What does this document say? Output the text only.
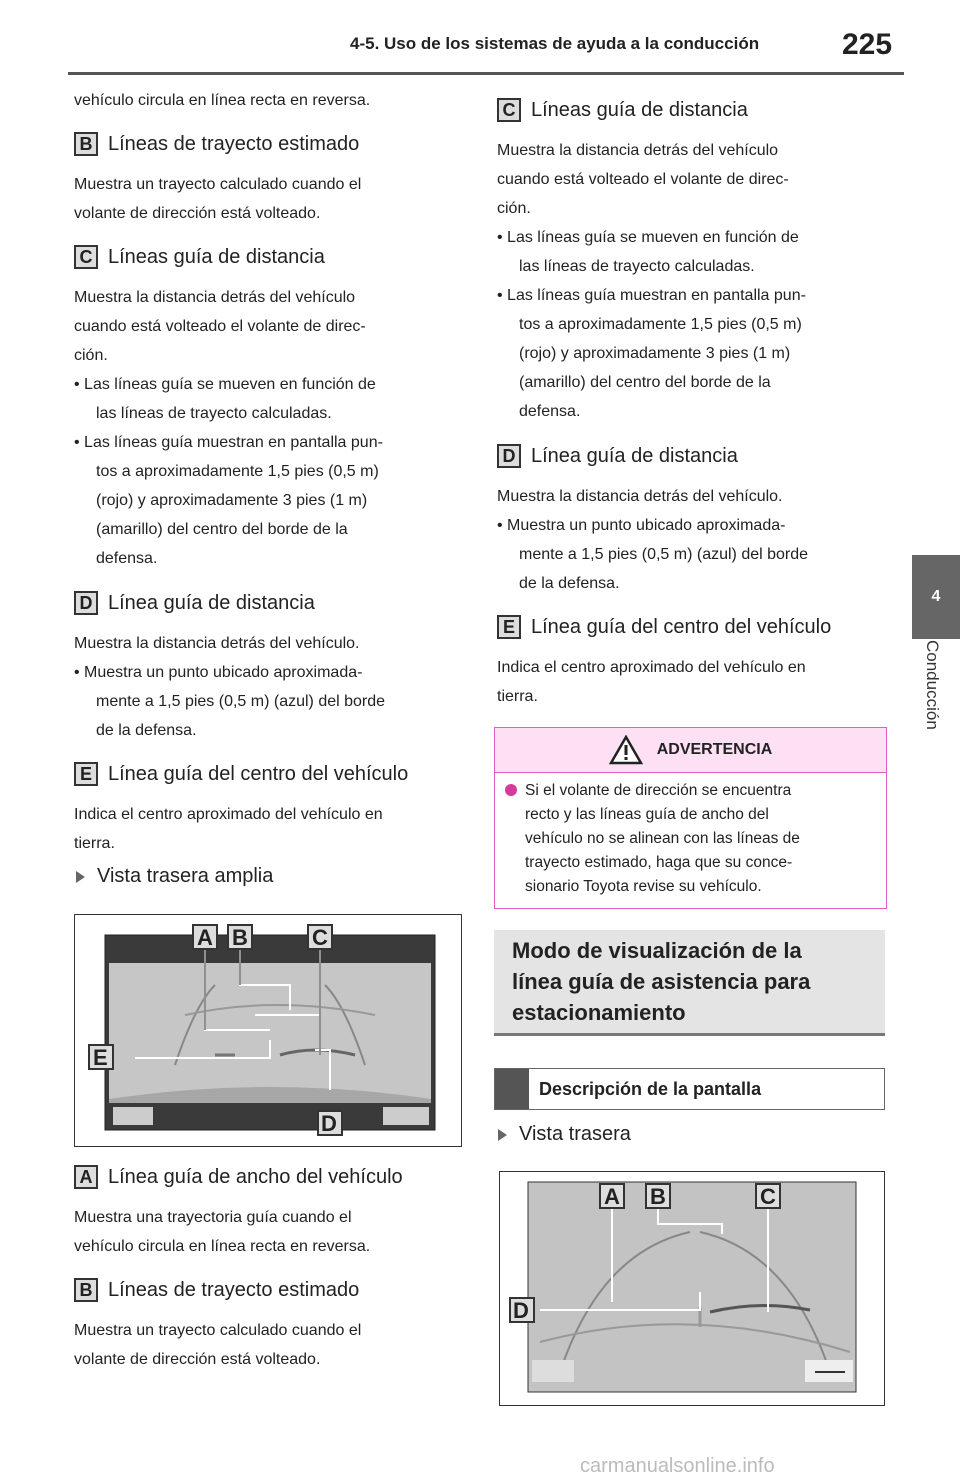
4-5. Uso de los sistemas de ayuda a la conducción	225
4
Conducción
vehículo circula en línea recta en reversa.
B Líneas de trayecto estimado
Muestra un trayecto calculado cuando el
volante de dirección está volteado.
C Líneas guía de distancia
Muestra la distancia detrás del vehículo
cuando está volteado el volante de direc-
ción.
• Las líneas guía se mueven en función de
las líneas de trayecto calculadas.
• Las líneas guía muestran en pantalla pun-
tos a aproximadamente 1,5 pies (0,5 m)
(rojo) y aproximadamente 3 pies (1 m)
(amarillo) del centro del borde de la
defensa.
D Línea guía de distancia
Muestra la distancia detrás del vehículo.
• Muestra un punto ubicado aproximada-
mente a 1,5 pies (0,5 m) (azul) del borde
de la defensa.
E Línea guía del centro del vehículo
Indica el centro aproximado del vehículo en
tierra.
Vista trasera amplia
A B	C
E
D
A Línea guía de ancho del vehículo
Muestra una trayectoria guía cuando el
vehículo circula en línea recta en reversa.
B Líneas de trayecto estimado
Muestra un trayecto calculado cuando el
volante de dirección está volteado.
C Líneas guía de distancia
Muestra la distancia detrás del vehículo
cuando está volteado el volante de direc-
ción.
• Las líneas guía se mueven en función de
las líneas de trayecto calculadas.
• Las líneas guía muestran en pantalla pun-
tos a aproximadamente 1,5 pies (0,5 m)
(rojo) y aproximadamente 3 pies (1 m)
(amarillo) del centro del borde de la
defensa.
D Línea guía de distancia
Muestra la distancia detrás del vehículo.
• Muestra un punto ubicado aproximada-
mente a 1,5 pies (0,5 m) (azul) del borde
de la defensa.
E Línea guía del centro del vehículo
Indica el centro aproximado del vehículo en
tierra.
ADVERTENCIA
Si el volante de dirección se encuentra
recto y las líneas guía de ancho del
vehículo no se alinean con las líneas de
trayecto estimado, haga que su conce-
sionario Toyota revise su vehículo.
Modo de visualización de la
línea guía de asistencia para
estacionamiento
Descripción de la pantalla
Vista trasera
A B	C
D
carmanualsonline.info
